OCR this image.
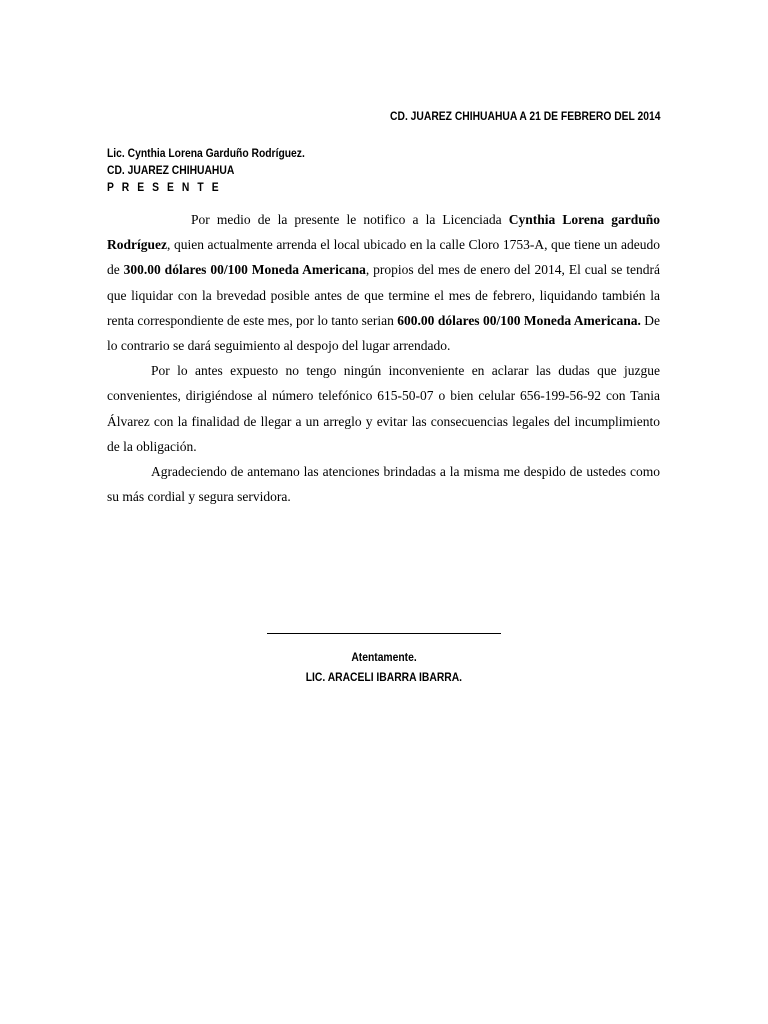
CD. JUAREZ CHIHUAHUA A 21 DE FEBRERO DEL 2014
Lic. Cynthia Lorena Garduño Rodríguez.
CD. JUAREZ CHIHUAHUA
P R E S E N T E

Por medio de la presente le notifico a la Licenciada Cynthia Lorena garduño Rodríguez, quien actualmente arrenda el local ubicado en la calle Cloro 1753-A, que tiene un adeudo de 300.00 dólares 00/100 Moneda Americana, propios del mes de enero del 2014, El cual se tendrá que liquidar con la brevedad posible antes de que termine el mes de febrero, liquidando también la renta correspondiente de este mes, por lo tanto serian 600.00 dólares 00/100 Moneda Americana. De lo contrario se dará seguimiento al despojo del lugar arrendado.

Por lo antes expuesto no tengo ningún inconveniente en aclarar las dudas que juzgue convenientes, dirigiéndose al número telefónico 615-50-07 o bien celular 656-199-56-92 con Tania Álvarez con la finalidad de llegar a un arreglo y evitar las consecuencias legales del incumplimiento de la obligación.

Agradeciendo de antemano las atenciones brindadas a la misma me despido de ustedes como su más cordial y segura servidora.

Atentamente.
LIC. ARACELI IBARRA IBARRA.
